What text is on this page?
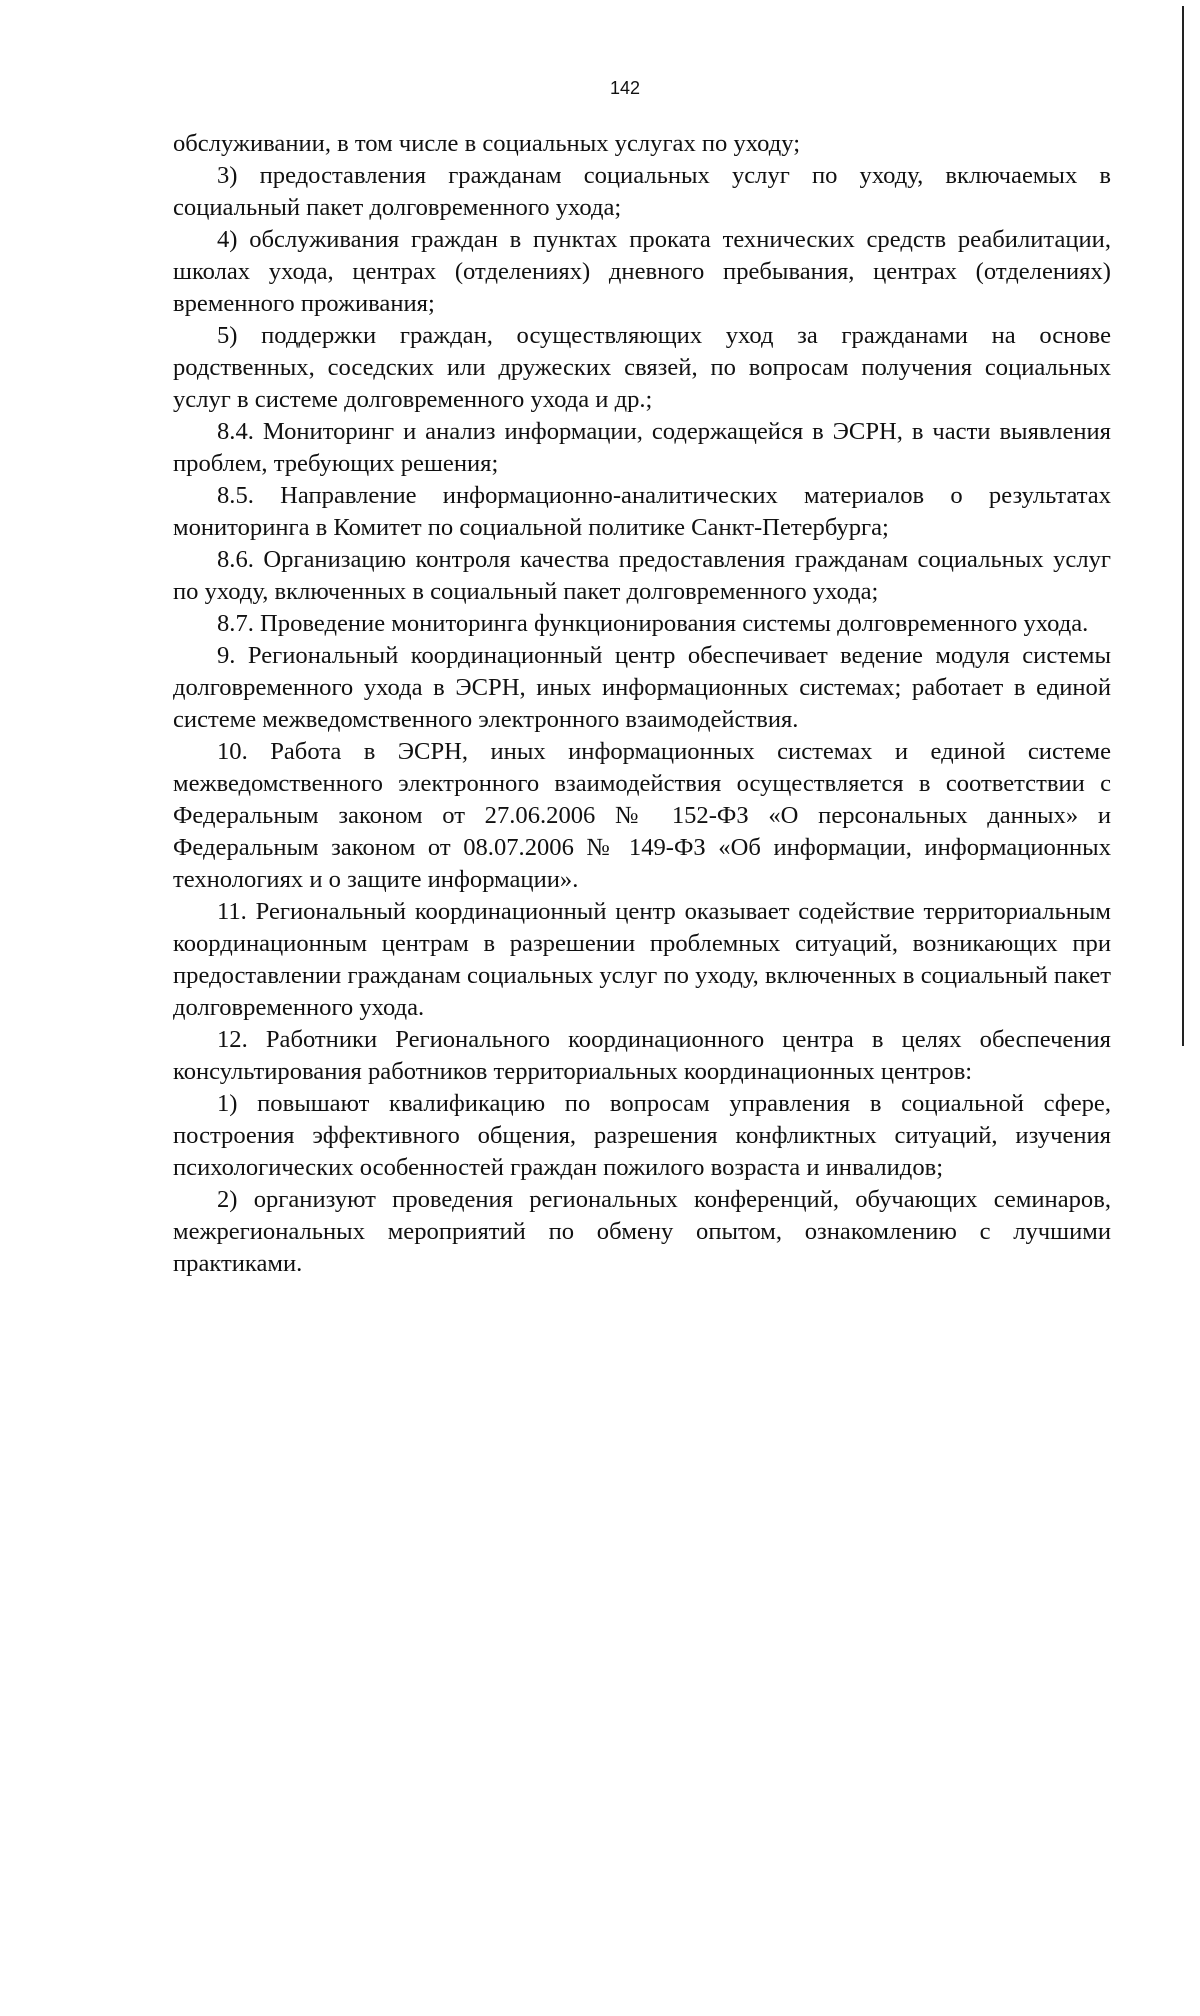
142

обслуживании, в том числе в социальных услугах по уходу;

3) предоставления гражданам социальных услуг по уходу, включаемых в социальный пакет долговременного ухода;

4) обслуживания граждан в пунктах проката технических средств реабилитации, школах ухода, центрах (отделениях) дневного пребывания, центрах (отделениях) временного проживания;

5) поддержки граждан, осуществляющих уход за гражданами на основе родственных, соседских или дружеских связей, по вопросам получения социальных услуг в системе долговременного ухода и др.;

8.4. Мониторинг и анализ информации, содержащейся в ЭСРН, в части выявления проблем, требующих решения;

8.5. Направление информационно-аналитических материалов о результатах мониторинга в Комитет по социальной политике Санкт-Петербурга;

8.6. Организацию контроля качества предоставления гражданам социальных услуг по уходу, включенных в социальный пакет долговременного ухода;

8.7. Проведение мониторинга функционирования системы долговременного ухода.

9. Региональный координационный центр обеспечивает ведение модуля системы долговременного ухода в ЭСРН, иных информационных системах; работает в единой системе межведомственного электронного взаимодействия.

10. Работа в ЭСРН, иных информационных системах и единой системе межведомственного электронного взаимодействия осуществляется в соответствии с Федеральным законом от 27.06.2006 № 152-ФЗ «О персональных данных» и Федеральным законом от 08.07.2006 № 149-ФЗ «Об информации, информационных технологиях и о защите информации».

11. Региональный координационный центр оказывает содействие территориальным координационным центрам в разрешении проблемных ситуаций, возникающих при предоставлении гражданам социальных услуг по уходу, включенных в социальный пакет долговременного ухода.

12. Работники Регионального координационного центра в целях обеспечения консультирования работников территориальных координационных центров:

1) повышают квалификацию по вопросам управления в социальной сфере, построения эффективного общения, разрешения конфликтных ситуаций, изучения психологических особенностей граждан пожилого возраста и инвалидов;

2) организуют проведения региональных конференций, обучающих семинаров, межрегиональных мероприятий по обмену опытом, ознакомлению с лучшими практиками.
